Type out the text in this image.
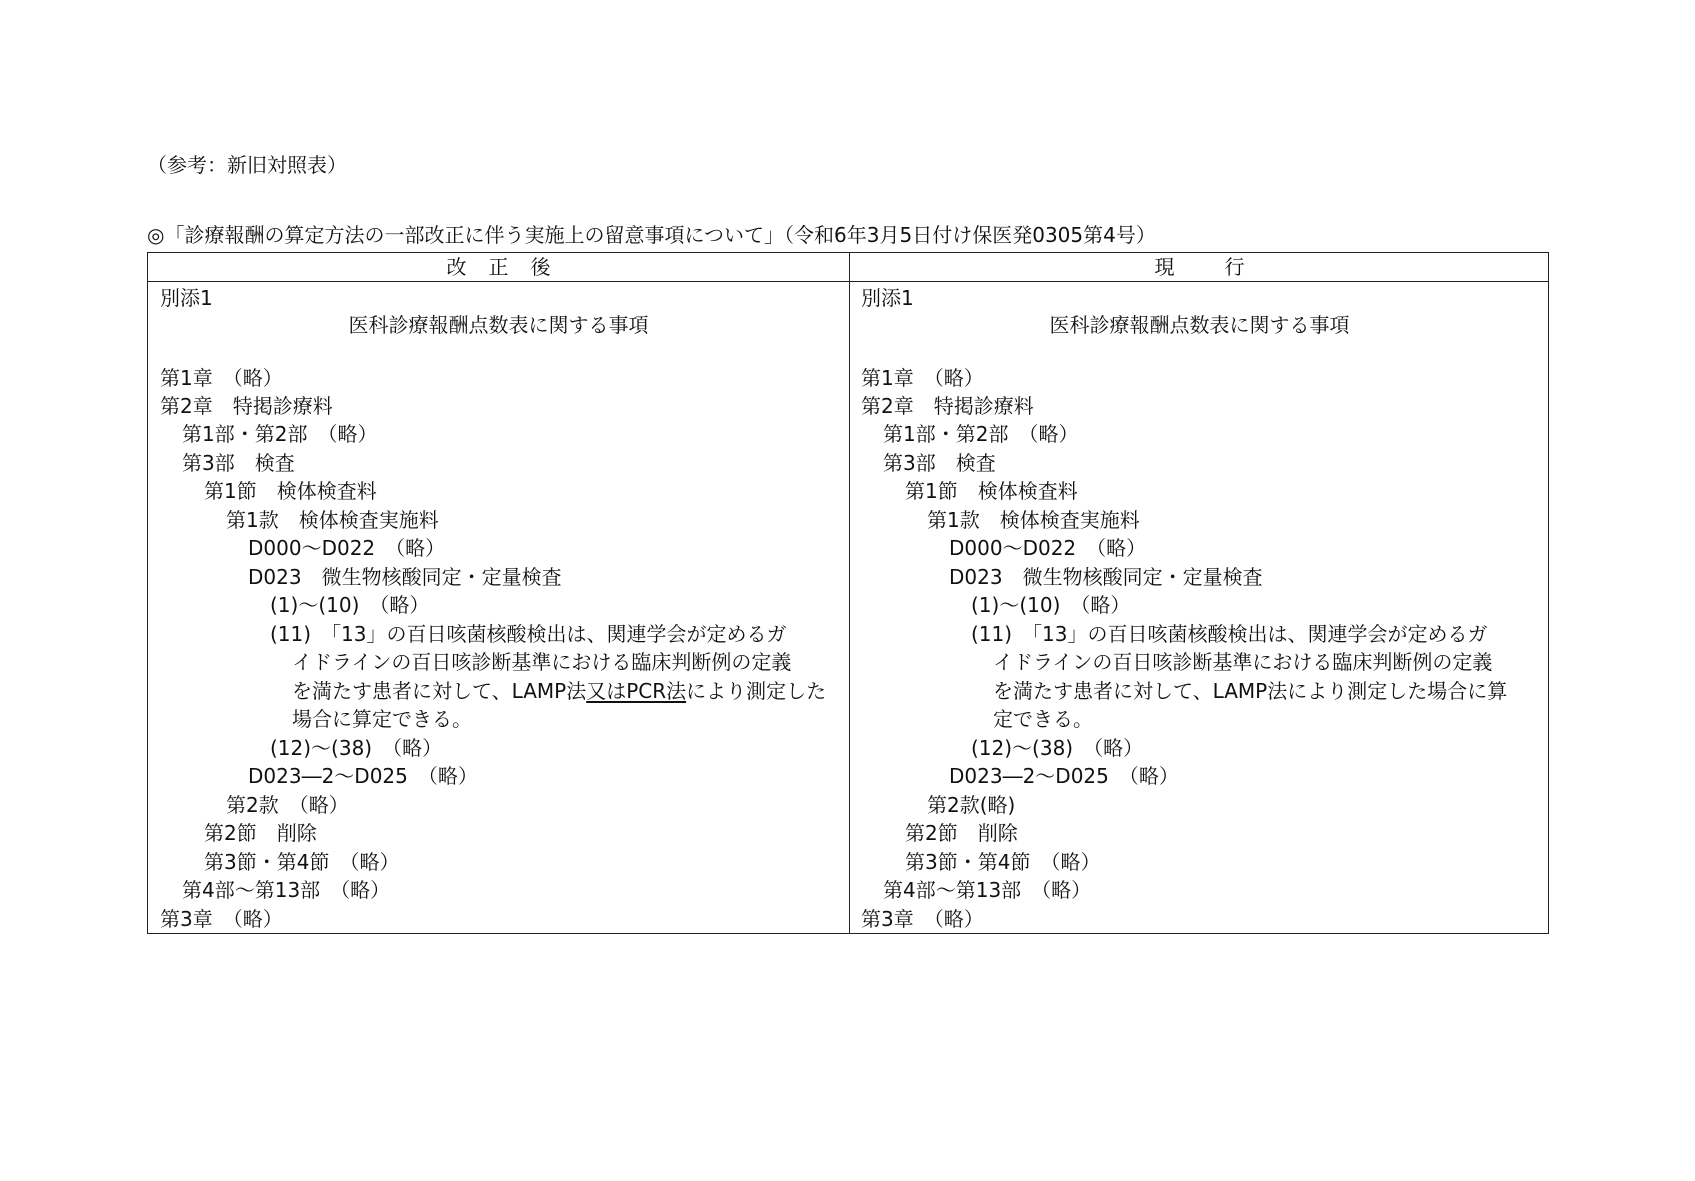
（参考：新旧対照表）
◎「診療報酬の算定方法の一部改正に伴う実施上の留意事項について」（令和6年3月5日付け保医発0305第4号）
改正後	現行
別添1
医科診療報酬点数表に関する事項
第1章　（略）
第2章　特掲診療料
第1部・第2部　（略）
第3部　検査
第1節　検体検査料
第1款　検体検査実施料
D000～D022　（略）
D023　微生物核酸同定・定量検査
(1)～(10)　（略）
(11)　「13」の百日咳菌核酸検出は、関連学会が定めるガ
イドラインの百日咳診断基準における臨床判断例の定義
を満たす患者に対して、LAMP法又はPCR法により測定した
場合に算定できる。
(12)～(38)　（略）
D023―2～D025　（略）
第2款　（略）
第2節　削除
第3節・第4節　（略）
第4部～第13部　（略）
第3章　（略）
別添1
医科診療報酬点数表に関する事項
第1章　（略）
第2章　特掲診療料
第1部・第2部　（略）
第3部　検査
第1節　検体検査料
第1款　検体検査実施料
D000～D022　（略）
D023　微生物核酸同定・定量検査
(1)～(10)　（略）
(11)　「13」の百日咳菌核酸検出は、関連学会が定めるガ
イドラインの百日咳診断基準における臨床判断例の定義
を満たす患者に対して、LAMP法により測定した場合に算
定できる。
(12)～(38)　（略）
D023―2～D025　（略）
第2款(略)
第2節　削除
第3節・第4節　（略）
第4部～第13部　（略）
第3章　（略）
